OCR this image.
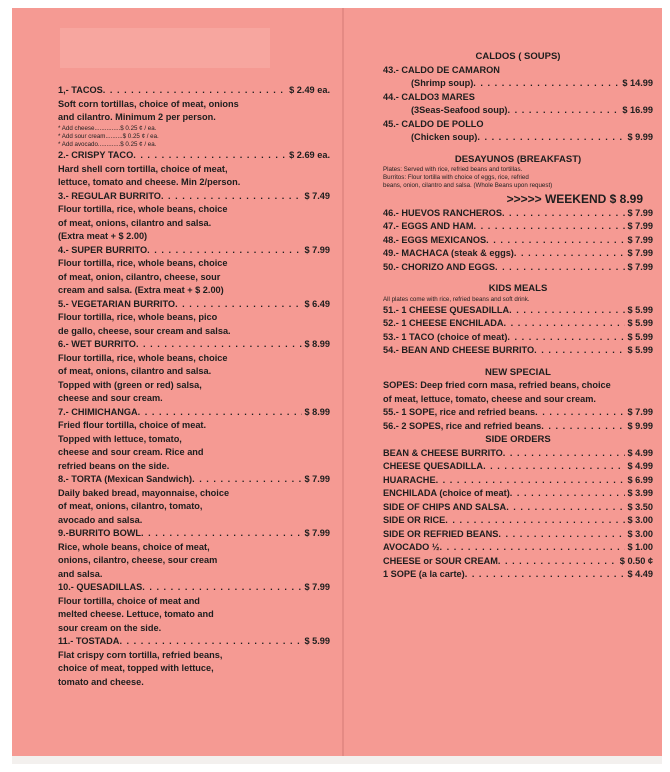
1,- TACOS . . .	$ 2.49 ea.
Soft corn tortillas, choice of meat, onions
and cilantro. Minimum 2 per person.
* Add cheese...............$ 0.25 ¢ / ea.
* Add sour cream..........$ 0.25 ¢ / ea.
* Add avocado.............$ 0.25 ¢ / ea.
2.- CRISPY TACO . . .	$ 2.69 ea.
Hard shell corn tortilla, choice of meat,
lettuce, tomato and cheese. Min 2/person.
3.- REGULAR BURRITO . . .	$ 7.49
Flour tortilla, rice, whole beans, choice
of meat, onions, cilantro and salsa.
(Extra meat + $ 2.00)
4.- SUPER BURRITO . . .	$ 7.99
Flour tortilla, rice, whole beans, choice
of meat, onion, cilantro, cheese, sour
cream and salsa. (Extra meat + $ 2.00)
5.- VEGETARIAN BURRITO . . .	$ 6.49
Flour tortilla, rice, whole beans, pico
de gallo, cheese, sour cream and salsa.
6.- WET BURRITO . . .	$ 8.99
Flour tortilla, rice, whole beans, choice
of meat, onions, cilantro and salsa.
Topped with (green or red) salsa,
cheese and sour cream.
7.- CHIMICHANGA . . .	$ 8.99
Fried flour tortilla, choice of meat.
Topped with lettuce, tomato,
cheese and sour cream. Rice and
refried beans on the side.
8.- TORTA (Mexican Sandwich) . . .	$ 7.99
Daily baked bread, mayonnaise, choice
of meat, onions, cilantro, tomato,
avocado and salsa.
9.-BURRITO BOWL . . .	$ 7.99
Rice, whole beans, choice of meat,
onions, cilantro, cheese, sour cream
and salsa.
10.- QUESADILLAS . . .	$ 7.99
Flour tortilla, choice of meat and
melted cheese. Lettuce, tomato and
sour cream on the side.
11.- TOSTADA . . .	$ 5.99
Flat crispy corn tortilla, refried beans,
choice of meat, topped with lettuce,
tomato and cheese.
CALDOS ( SOUPS)
43.- CALDO DE CAMARON
(Shrimp soup) . . .	$ 14.99
44.- CALDO3 MARES
(3Seas-Seafood soup) . . .	$ 16.99
45.- CALDO DE POLLO
(Chicken soup) . . .	$ 9.99
DESAYUNOS (BREAKFAST)
Plates: Served with rice, refried beans and tortillas.
Burritos: Flour tortilla with choice of eggs, rice, refried
beans, onion, cilantro and salsa. (Whole Beans upon request)
>>>>> WEEKEND $ 8.99
46.- HUEVOS RANCHEROS . . .	$ 7.99
47.- EGGS AND HAM . . .	$ 7.99
48.- EGGS MEXICANOS . . .	$ 7.99
49.- MACHACA (steak & eggs) . . .	$ 7.99
50.- CHORIZO AND EGGS . . .	$ 7.99
KIDS MEALS
All plates come with rice, refried beans and soft drink.
51.- 1 CHEESE QUESADILLA . . .	$ 5.99
52.- 1 CHEESE ENCHILADA . . .	$ 5.99
53.- 1 TACO (choice of meat) . . .	$ 5.99
54.- BEAN AND CHEESE BURRITO . . .	$ 5.99
NEW SPECIAL
SOPES: Deep fried corn masa, refried beans, choice
of meat, lettuce, tomato, cheese and sour cream.
55.- 1 SOPE, rice and refried beans . . .	$ 7.99
56.- 2 SOPES, rice and refried beans . . .	$ 9.99
SIDE ORDERS
BEAN & CHEESE BURRITO . . .	$ 4.99
CHEESE QUESADILLA . . .	$ 4.99
HUARACHE . . .	$ 6.99
ENCHILADA (choice of meat) . . .	$ 3.99
SIDE OF CHIPS AND SALSA . . .	$ 3.50
SIDE OR RICE . . .	$ 3.00
SIDE OR REFRIED BEANS . . .	$ 3.00
AVOCADO ½ . . .	$ 1.00
CHEESE or SOUR CREAM . . .	$ 0.50 ¢
1 SOPE (a la carte) . . .	$ 4.49
